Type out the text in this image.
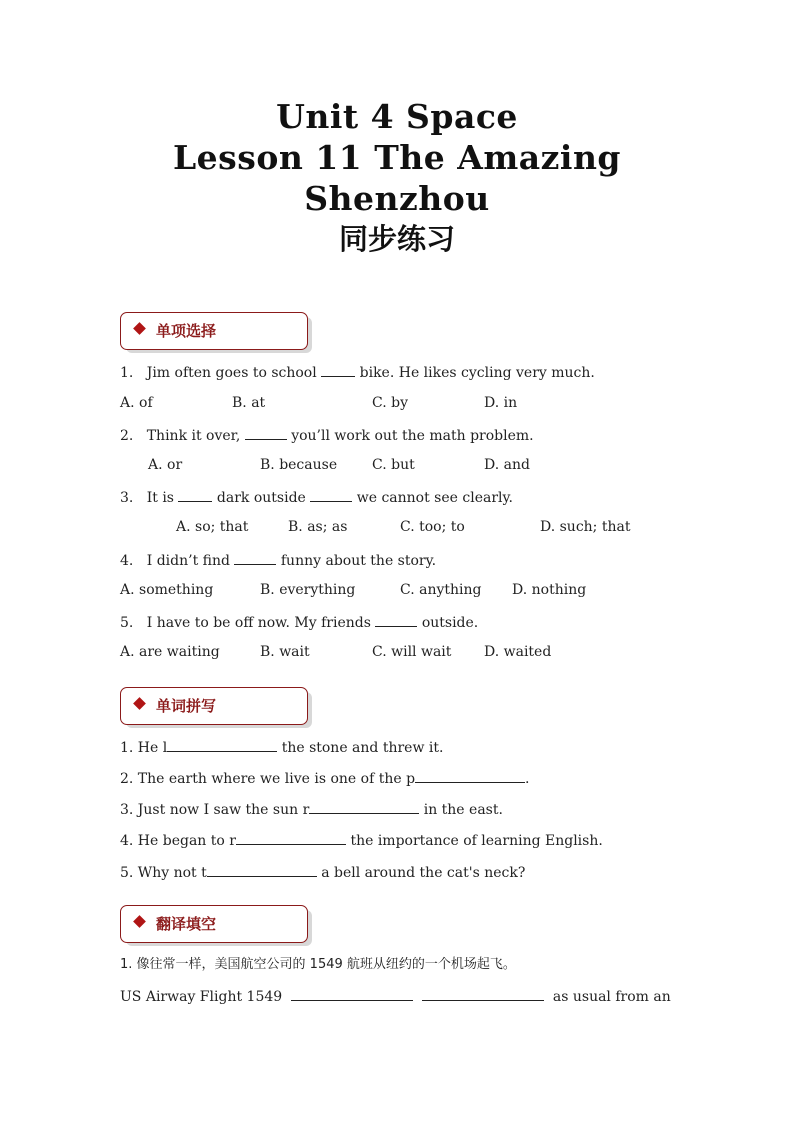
Unit 4 Space
Lesson 11 The Amazing
Shenzhou
同步练习
单项选择
1. Jim often goes to school	bike. He likes cycling very much.
A. of	B. at	C. by	D. in
2. Think it over,	you’ll work out the math problem.
A. or	B. because C. but	D. and
3. It is	dark outside	we cannot see clearly.
A. so; that	B. as; as	C. too; to	D. such; that
4. I didn’t find	funny about the story.
A. something	B. everything	C. anything D. nothing
5. I have to be off now. My friends	outside.
A. are waiting	B. wait	C. will wait D. waited
单词拼写
1. He l	the stone and threw it.
2. The earth where we live is one of the p	.
3. Just now I saw the sun r	in the east.
4. He began to r	the importance of learning English.
5. Why not t	a bell around the cat's neck?
翻译填空
1. 像往常一样，美国航空公司的 1549 航班从纽约的一个机场起飞。
US Airway Flight 1549	as usual from an
